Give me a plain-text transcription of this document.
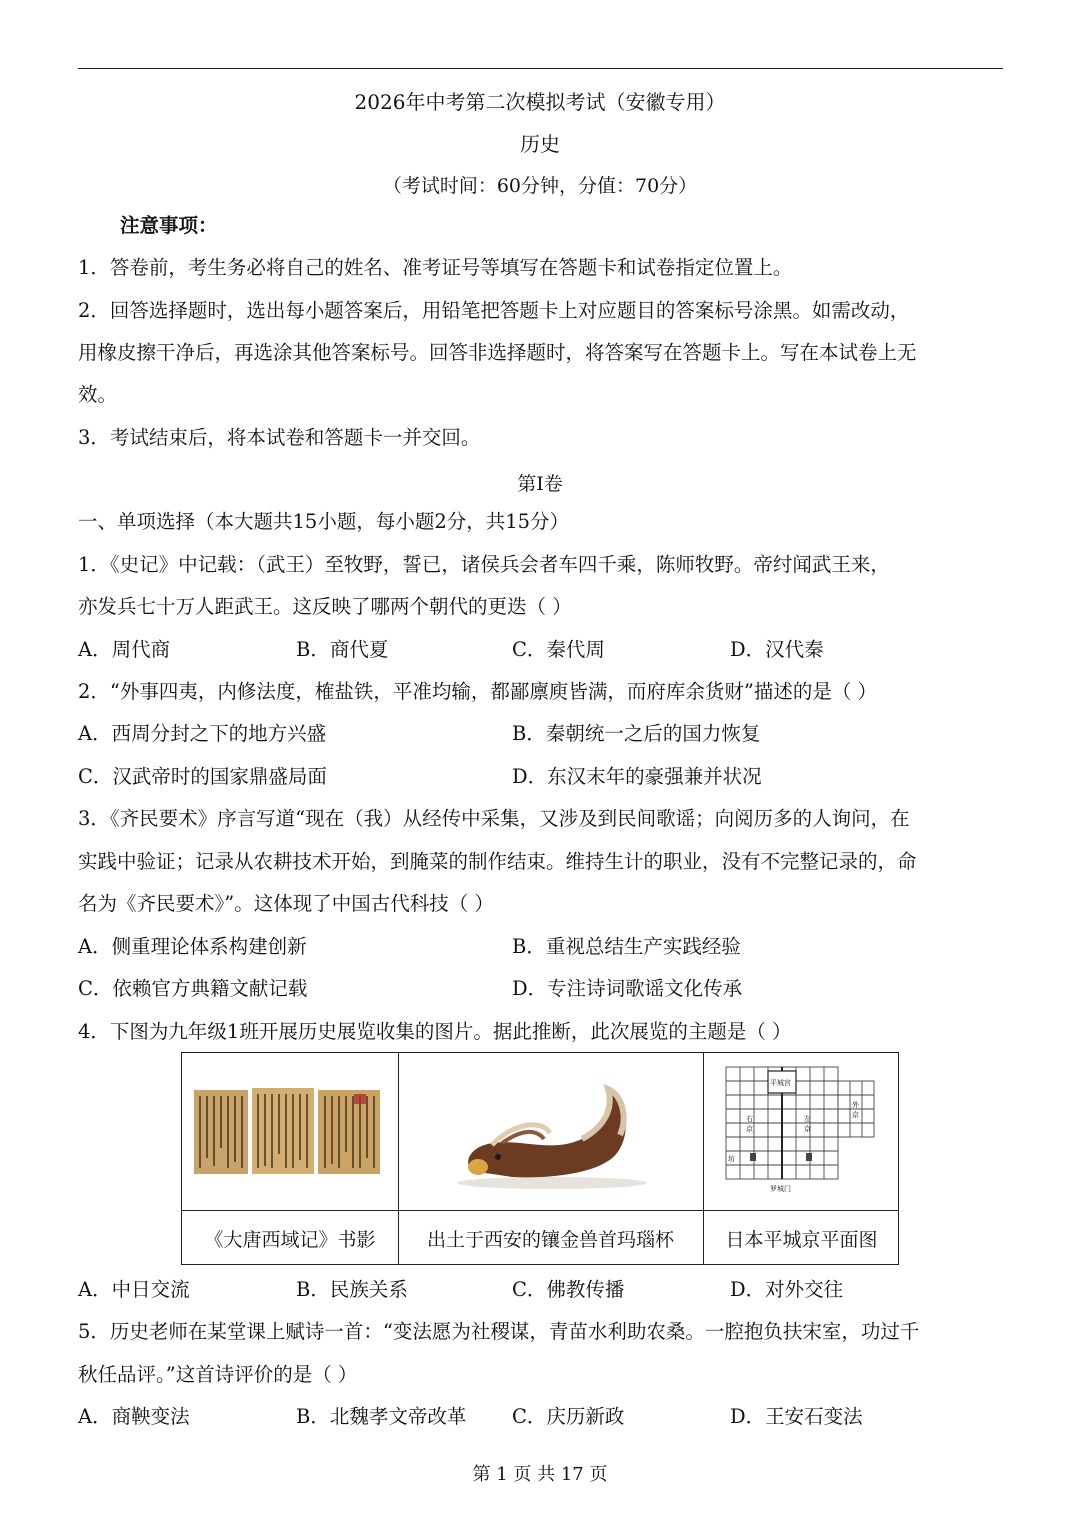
2026年中考第二次模拟考试（安徽专用）
历史
（考试时间：60分钟，分值：70分）
注意事项：
1．答卷前，考生务必将自己的姓名、准考证号等填写在答题卡和试卷指定位置上。
2．回答选择题时，选出每小题答案后，用铅笔把答题卡上对应题目的答案标号涂黑。如需改动，
用橡皮擦干净后，再选涂其他答案标号。回答非选择题时，将答案写在答题卡上。写在本试卷上无
效。
3．考试结束后，将本试卷和答题卡一并交回。
第I卷
一、单项选择（本大题共15小题，每小题2分，共15分）
1．《史记》中记载：（武王）至牧野，誓已，诸侯兵会者车四千乘，陈师牧野。帝纣闻武王来，
亦发兵七十万人距武王。这反映了哪两个朝代的更迭（ ）
A．周代商	B．商代夏	C．秦代周	D．汉代秦
2．“外事四夷，内修法度，榷盐铁，平准均输，都鄙廪庾皆满，而府库余货财”描述的是（ ）
A．西周分封之下的地方兴盛	B．秦朝统一之后的国力恢复
C．汉武帝时的国家鼎盛局面	D．东汉末年的豪强兼并状况
3．《齐民要术》序言写道“现在（我）从经传中采集，又涉及到民间歌谣；向阅历多的人询问，在
实践中验证；记录从农耕技术开始，到腌菜的制作结束。维持生计的职业，没有不完整记录的，命
名为《齐民要术》”。这体现了中国古代科技（ ）
A．侧重理论体系构建创新	B．重视总结生产实践经验
C．依赖官方典籍文献记载	D．专注诗词歌谣文化传承
4．下图为九年级1班开展历史展览收集的图片。据此推断，此次展览的主题是（ ）
平城宫
右
京
左
京
外
京
坊
罗城门
《大唐西域记》书影	出土于西安的镶金兽首玛瑙杯	日本平城京平面图
A．中日交流	B．民族关系	C．佛教传播	D．对外交往
5．历史老师在某堂课上赋诗一首：“变法愿为社稷谋，青苗水利助农桑。一腔抱负扶宋室，功过千
秋任品评。”这首诗评价的是（ ）
A．商鞅变法	B．北魏孝文帝改革 C．庆历新政	D．王安石变法
第 1 页 共 17 页
